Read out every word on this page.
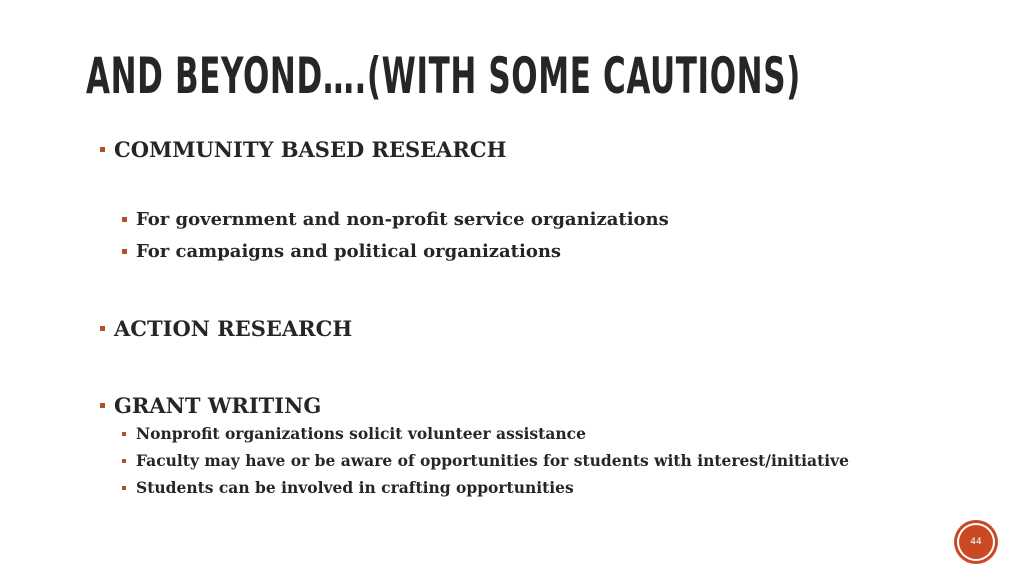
AND BEYOND….(WITH SOME CAUTIONS)
COMMUNITY BASED RESEARCH
For government and non-profit service organizations
For campaigns and political organizations
ACTION RESEARCH
GRANT WRITING
Nonprofit organizations solicit volunteer assistance
Faculty may have or be aware of opportunities for students with interest/initiative
Students can be involved in crafting opportunities
44
